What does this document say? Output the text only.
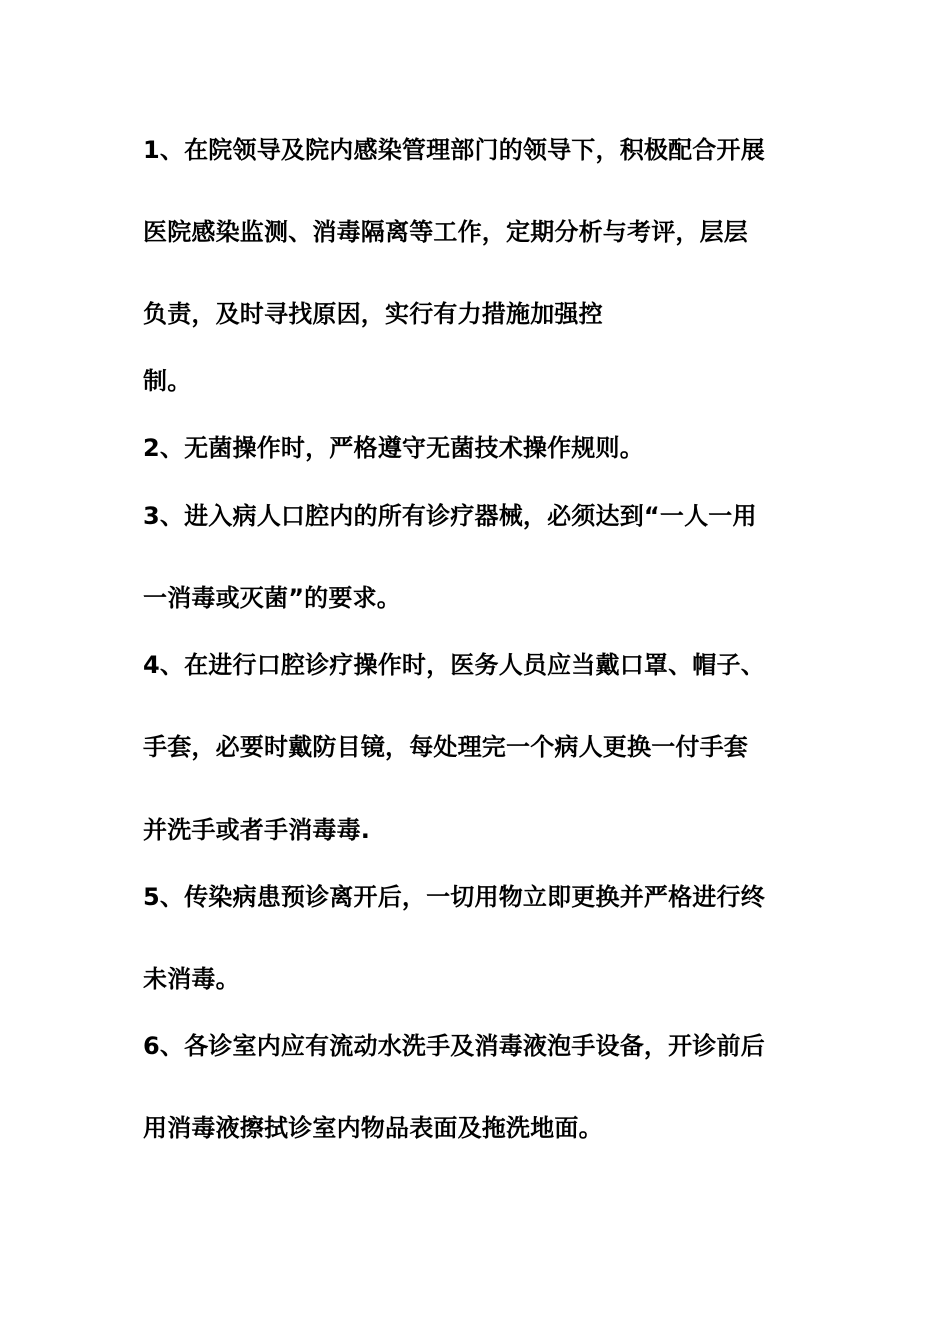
1、在院领导及院内感染管理部门的领导下，积极配合开展
医院感染监测、消毒隔离等工作，定期分析与考评，层层
负责，及时寻找原因，实行有力措施加强控
制。
2、无菌操作时，严格遵守无菌技术操作规则。
3、进入病人口腔内的所有诊疗器械，必须达到“一人一用
一消毒或灭菌”的要求。
4、在进行口腔诊疗操作时，医务人员应当戴口罩、帽子、
手套，必要时戴防目镜，每处理完一个病人更换一付手套
并洗手或者手消毒毒.
5、传染病患预诊离开后，一切用物立即更换并严格进行终
未消毒。
6、各诊室内应有流动水洗手及消毒液泡手设备，开诊前后
用消毒液擦拭诊室内物品表面及拖洗地面。
